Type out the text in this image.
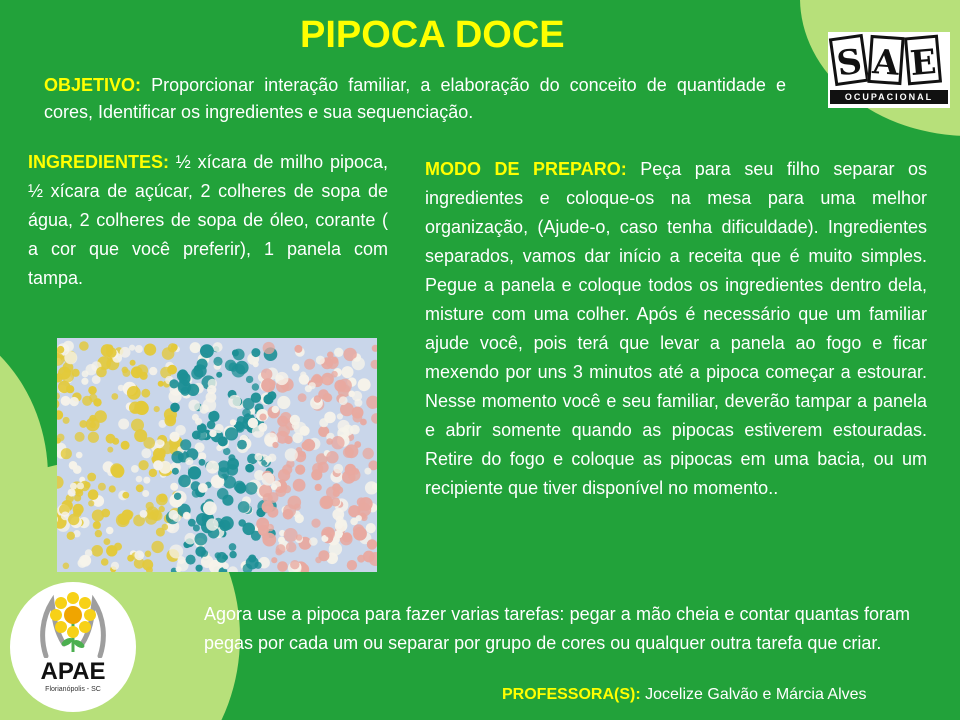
PIPOCA DOCE
S A E
OCUPACIONAL

OBJETIVO: Proporcionar interação familiar, a elaboração do conceito de quantidade e cores, Identificar os ingredientes e sua sequenciação.

INGREDIENTES: ½ xícara de milho pipoca, ½ xícara de açúcar, 2 colheres de sopa de água, 2 colheres de sopa de óleo, corante ( a cor que você preferir), 1 panela com tampa.

MODO DE PREPARO: Peça para seu filho separar os ingredientes e coloque-os na mesa para uma melhor organização, (Ajude-o, caso tenha dificuldade). Ingredientes separados, vamos dar início a receita que é muito simples. Pegue a panela e coloque todos os ingredientes dentro dela, misture com uma colher. Após é necessário que um familiar ajude você, pois terá que levar a panela ao fogo e ficar mexendo por uns 3 minutos até a pipoca começar a estourar. Nesse momento você e seu familiar, deverão tampar a panela e abrir somente quando as pipocas estiverem estouradas. Retire do fogo e coloque as pipocas em uma bacia, ou um recipiente que tiver disponível no momento..

Agora use a pipoca para fazer varias tarefas: pegar a mão cheia e contar quantas foram pegas por cada um ou separar por grupo de cores ou qualquer outra tarefa que criar.

PROFESSORA(S): Jocelize Galvão e Márcia Alves

APAE
Florianópolis - SC
